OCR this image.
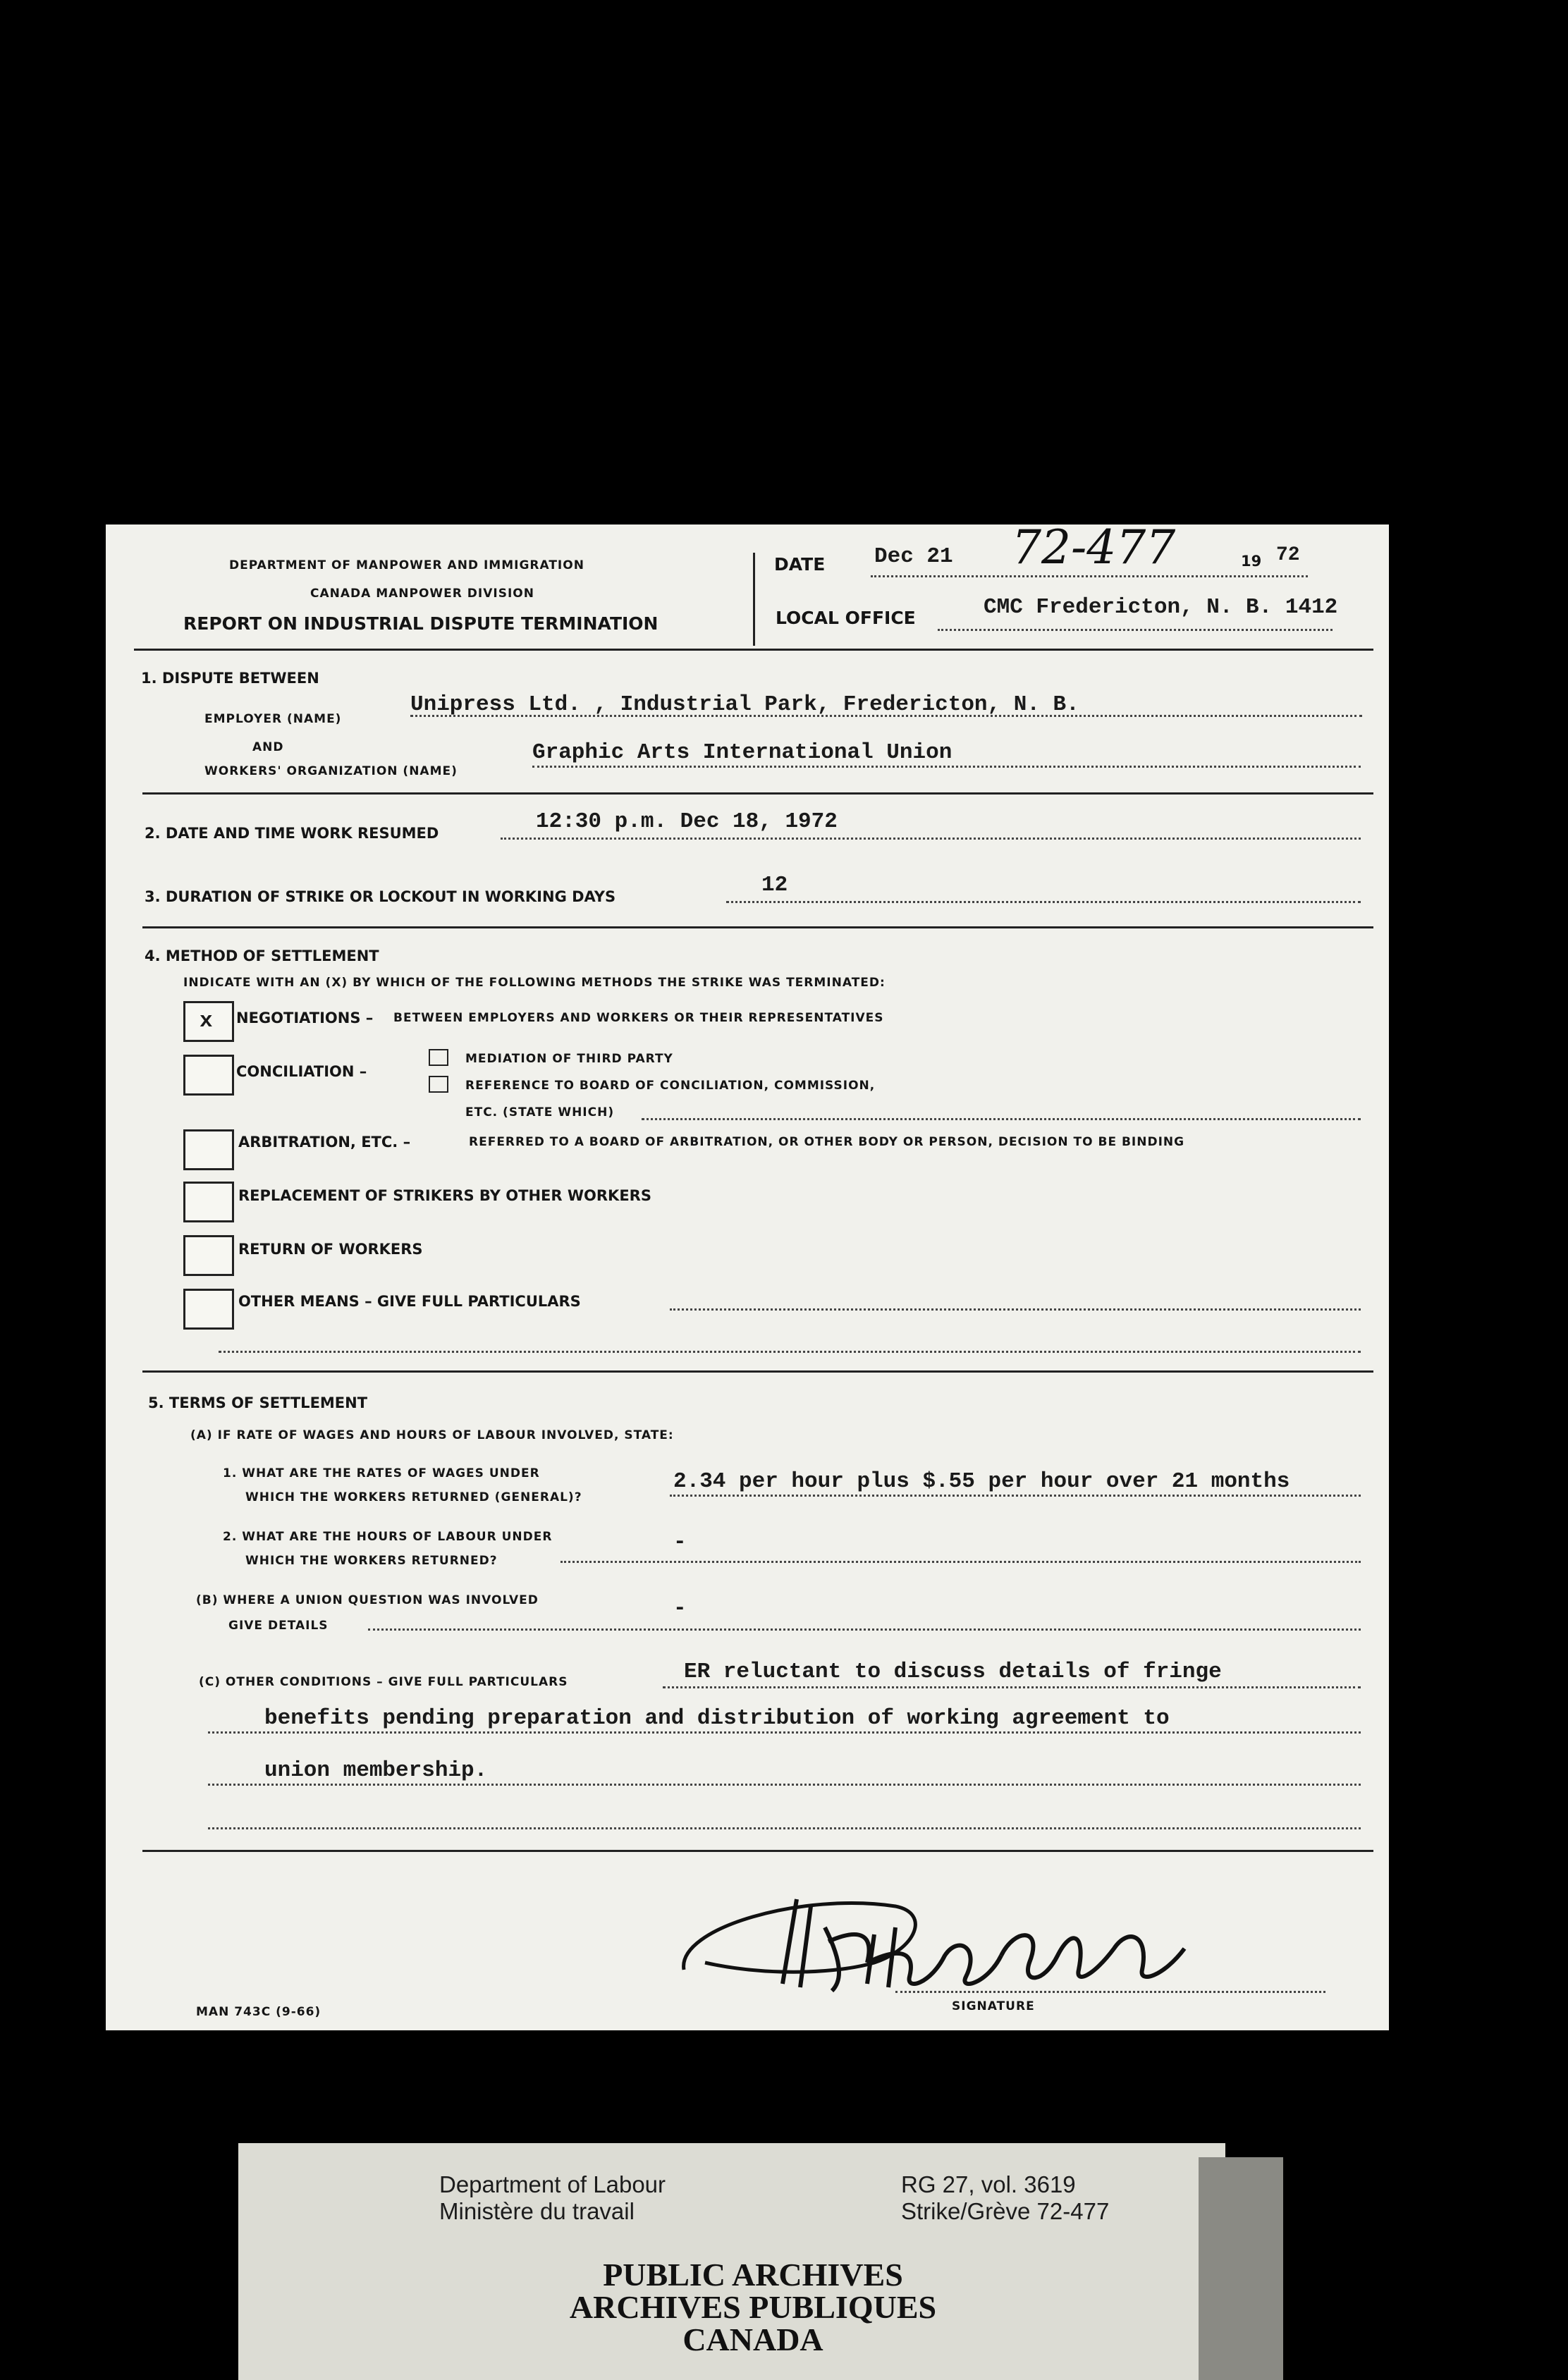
DEPARTMENT OF MANPOWER AND IMMIGRATION
CANADA MANPOWER DIVISION
REPORT ON INDUSTRIAL DISPUTE TERMINATION
DATE Dec 21 72-477	19 72
LOCAL OFFICE	CMC Fredericton, N. B. 1412
1. DISPUTE BETWEEN
EMPLOYER (NAME)
Unipress Ltd. , Industrial Park, Fredericton, N. B.
AND
WORKERS' ORGANIZATION (NAME)
Graphic Arts International Union
2. DATE AND TIME WORK RESUMED	12:30 p.m. Dec 18, 1972
3. DURATION OF STRIKE OR LOCKOUT IN WORKING DAYS	12
4. METHOD OF SETTLEMENT
INDICATE WITH AN (X) BY WHICH OF THE FOLLOWING METHODS THE STRIKE WAS TERMINATED:
x NEGOTIATIONS – BETWEEN EMPLOYERS AND WORKERS OR THEIR REPRESENTATIVES
CONCILIATION –
MEDIATION OF THIRD PARTY
REFERENCE TO BOARD OF CONCILIATION, COMMISSION,
ETC. (STATE WHICH)
ARBITRATION, ETC. –	REFERRED TO A BOARD OF ARBITRATION, OR OTHER BODY OR PERSON, DECISION TO BE BINDING
REPLACEMENT OF STRIKERS BY OTHER WORKERS
RETURN OF WORKERS
OTHER MEANS – GIVE FULL PARTICULARS
5. TERMS OF SETTLEMENT
(A) IF RATE OF WAGES AND HOURS OF LABOUR INVOLVED, STATE:
1. WHAT ARE THE RATES OF WAGES UNDER
WHICH THE WORKERS RETURNED (GENERAL)?
2.34 per hour plus $.55 per hour over 21 months
2. WHAT ARE THE HOURS OF LABOUR UNDER
WHICH THE WORKERS RETURNED?
-
(B) WHERE A UNION QUESTION WAS INVOLVED
GIVE DETAILS
-
(C) OTHER CONDITIONS – GIVE FULL PARTICULARS	ER reluctant to discuss details of fringe
benefits pending preparation and distribution of working agreement to
union membership.
SIGNATURE
MAN 743C (9-66)
Department of Labour
Ministère du travail
RG 27, vol. 3619
Strike/Grève 72-477
PUBLIC ARCHIVES
ARCHIVES PUBLIQUES
CANADA
